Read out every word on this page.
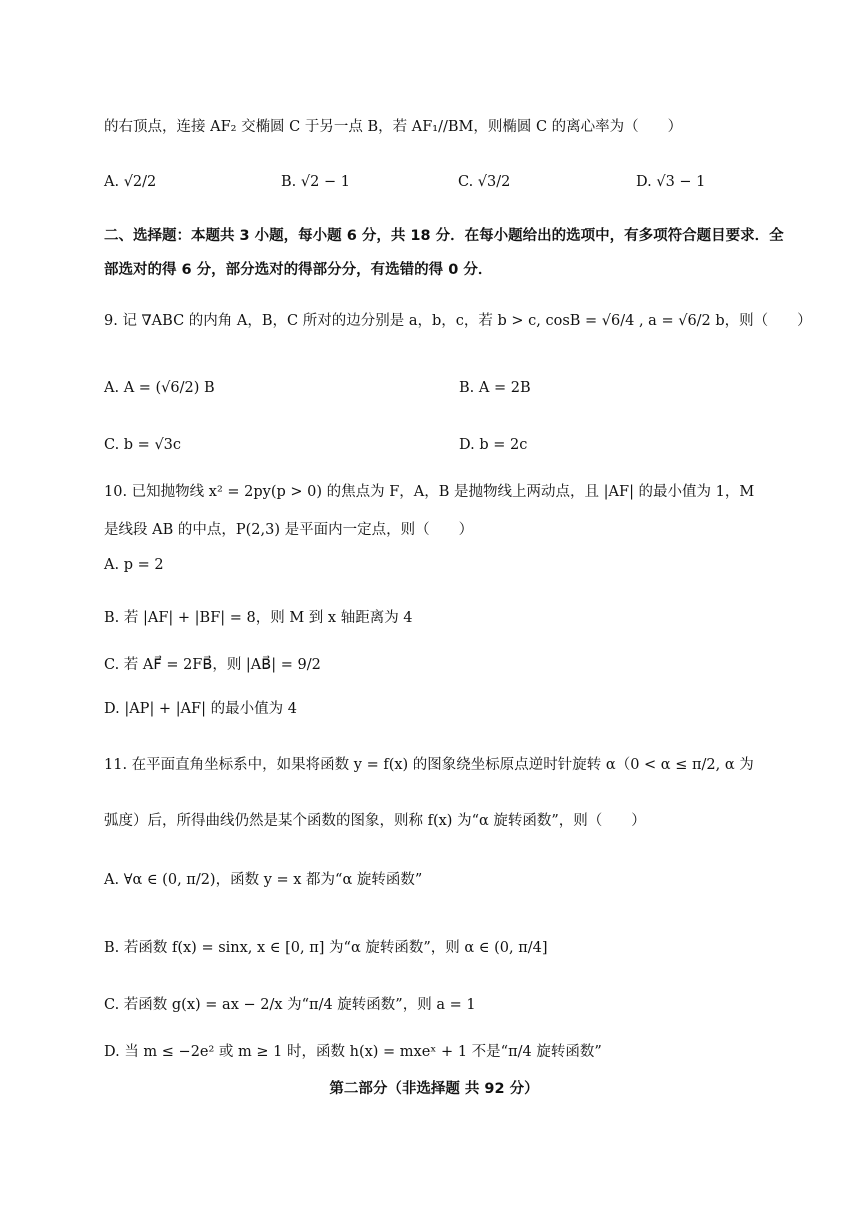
的右顶点，连接 AF₂ 交椭圆 C 于另一点 B，若 AF₁//BM，则椭圆 C 的离心率为（　　）
A. √2/2	B. √2 − 1	C. √3/2	D. √3 − 1
二、选择题：本题共 3 小题，每小题 6 分，共 18 分．在每小题给出的选项中，有多项符合题目要求．全
部选对的得 6 分，部分选对的得部分分，有选错的得 0 分．
9. 记 ∇ABC 的内角 A，B，C 所对的边分别是 a，b，c，若 b > c, cosB = √6/4 , a = √6/2 b，则（　　）
A. A = (√6/2) B	B. A = 2B
C. b = √3c	D. b = 2c
10. 已知抛物线 x² = 2py(p > 0) 的焦点为 F，A，B 是抛物线上两动点，且 |AF| 的最小值为 1，M
是线段 AB 的中点，P(2,3) 是平面内一定点，则（　　）
A. p = 2
B. 若 |AF| + |BF| = 8，则 M 到 x 轴距离为 4
C. 若 AF⃗ = 2FB⃗，则 |AB⃗| = 9/2
D. |AP| + |AF| 的最小值为 4
11. 在平面直角坐标系中，如果将函数 y = f(x) 的图象绕坐标原点逆时针旋转 α（0 < α ≤ π/2, α 为
弧度）后，所得曲线仍然是某个函数的图象，则称 f(x) 为“α 旋转函数”，则（　　）
A. ∀α ∈ (0, π/2)，函数 y = x 都为“α 旋转函数”
B. 若函数 f(x) = sinx, x ∈ [0, π] 为“α 旋转函数”，则 α ∈ (0, π/4]
C. 若函数 g(x) = ax − 2/x 为“π/4 旋转函数”，则 a = 1
D. 当 m ≤ −2e² 或 m ≥ 1 时，函数 h(x) = mxeˣ + 1 不是“π/4 旋转函数”
第二部分（非选择题 共 92 分）
